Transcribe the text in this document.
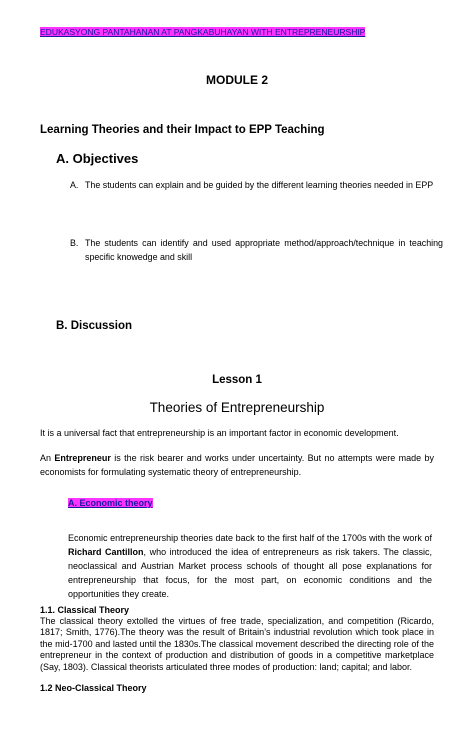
EDUKASYONG PANTAHANAN AT PANGKABUHAYAN WITH ENTREPRENEURSHIP
MODULE 2
Learning Theories and their Impact to EPP Teaching
A. Objectives
A. The students can explain and be guided by the different learning theories needed in EPP
B. The students can identify and used appropriate method/approach/technique in teaching specific knowedge and skill
B. Discussion
Lesson 1
Theories of Entrepreneurship
It is a universal fact that entrepreneurship is an important factor in economic development.
An Entrepreneur is the risk bearer and works under uncertainty. But no attempts were made by economists for formulating systematic theory of entrepreneurship.
A. Economic theory
Economic entrepreneurship theories date back to the first half of the 1700s with the work of Richard Cantillon, who introduced the idea of entrepreneurs as risk takers. The classic, neoclassical and Austrian Market process schools of thought all pose explanations for entrepreneurship that focus, for the most part, on economic conditions and the opportunities they create.
1.1. Classical Theory
The classical theory extolled the virtues of free trade, specialization, and competition (Ricardo, 1817; Smith, 1776).The theory was the result of Britain’s industrial revolution which took place in the mid-1700 and lasted until the 1830s.The classical movement described the directing role of the entrepreneur in the context of production and distribution of goods in a competitive marketplace (Say, 1803). Classical theorists articulated three modes of production: land; capital; and labor.
1.2 Neo-Classical Theory
